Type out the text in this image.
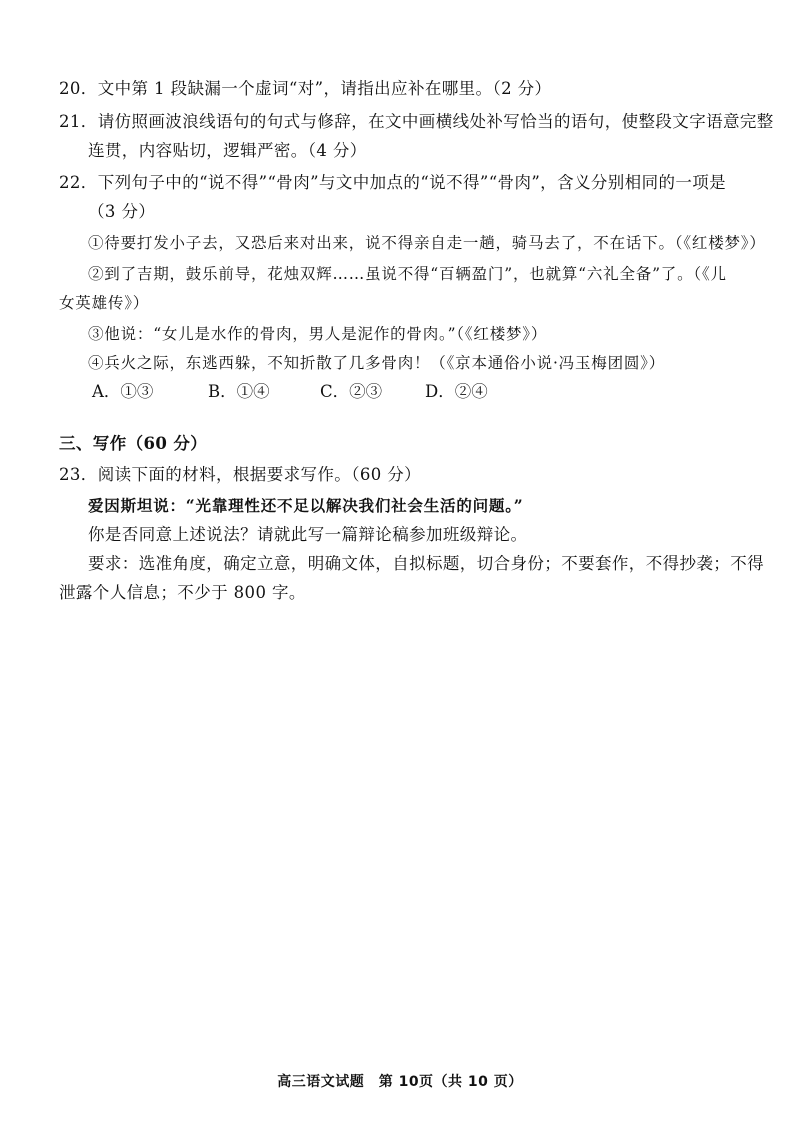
20．文中第 1 段缺漏一个虚词“对”，请指出应补在哪里。（2 分）
21．请仿照画波浪线语句的句式与修辞，在文中画横线处补写恰当的语句，使整段文字语意完整
连贯，内容贴切，逻辑严密。（4 分）
22．下列句子中的“说不得”“骨肉”与文中加点的“说不得”“骨肉”，含义分别相同的一项是
（3 分）
①待要打发小子去，又恐后来对出来，说不得亲自走一趟，骑马去了，不在话下。（《红楼梦》）
②到了吉期，鼓乐前导，花烛双辉……虽说不得“百辆盈门”，也就算“六礼全备”了。（《儿
女英雄传》）
③他说：“女儿是水作的骨肉，男人是泥作的骨肉。”（《红楼梦》）
④兵火之际，东逃西躲，不知折散了几多骨肉！（《京本通俗小说·冯玉梅团圆》）
A．①③	B．①④	C．②③	D．②④
三、写作（60 分）
23．阅读下面的材料，根据要求写作。（60 分）
爱因斯坦说：“光靠理性还不足以解决我们社会生活的问题。”
你是否同意上述说法？请就此写一篇辩论稿参加班级辩论。
要求：选准角度，确定立意，明确文体，自拟标题，切合身份；不要套作，不得抄袭；不得
泄露个人信息；不少于 800 字。
高三语文试题　第 10页（共 10 页）
